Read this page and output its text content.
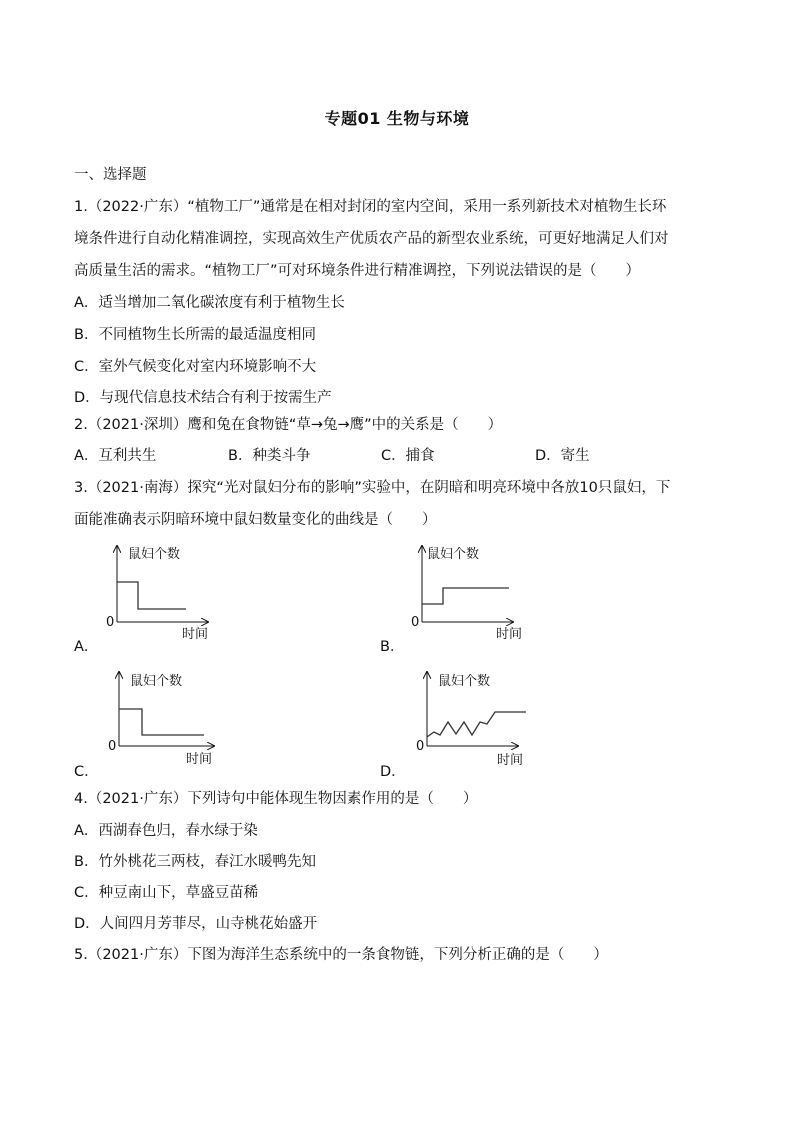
专题01 生物与环境
一、选择题
1.（2022·广东）“植物工厂”通常是在相对封闭的室内空间，采用一系列新技术对植物生长环
境条件进行自动化精准调控，实现高效生产优质农产品的新型农业系统，可更好地满足人们对
高质量生活的需求。“植物工厂”可对环境条件进行精准调控，下列说法错误的是（　　）
A．适当增加二氧化碳浓度有利于植物生长
B．不同植物生长所需的最适温度相同
C．室外气候变化对室内环境影响不大
D．与现代信息技术结合有利于按需生产
2.（2021·深圳）鹰和兔在食物链“草→兔→鹰”中的关系是（　　）
A．互利共生	B．种类斗争	C．捕食	D．寄生
3.（2021·南海）探究“光对鼠妇分布的影响”实验中，在阴暗和明亮环境中各放10只鼠妇，下
面能准确表示阴暗环境中鼠妇数量变化的曲线是（　　）
A．
鼠妇个数
0
时间
B．
鼠妇个数
0
时间
C．
鼠妇个数
0
时间
D．
鼠妇个数
0
时间
4.（2021·广东）下列诗句中能体现生物因素作用的是（　　）
A．西湖春色归，春水绿于染
B．竹外桃花三两枝，春江水暖鸭先知
C．种豆南山下，草盛豆苗稀
D．人间四月芳菲尽，山寺桃花始盛开
5.（2021·广东）下图为海洋生态系统中的一条食物链，下列分析正确的是（　　）
